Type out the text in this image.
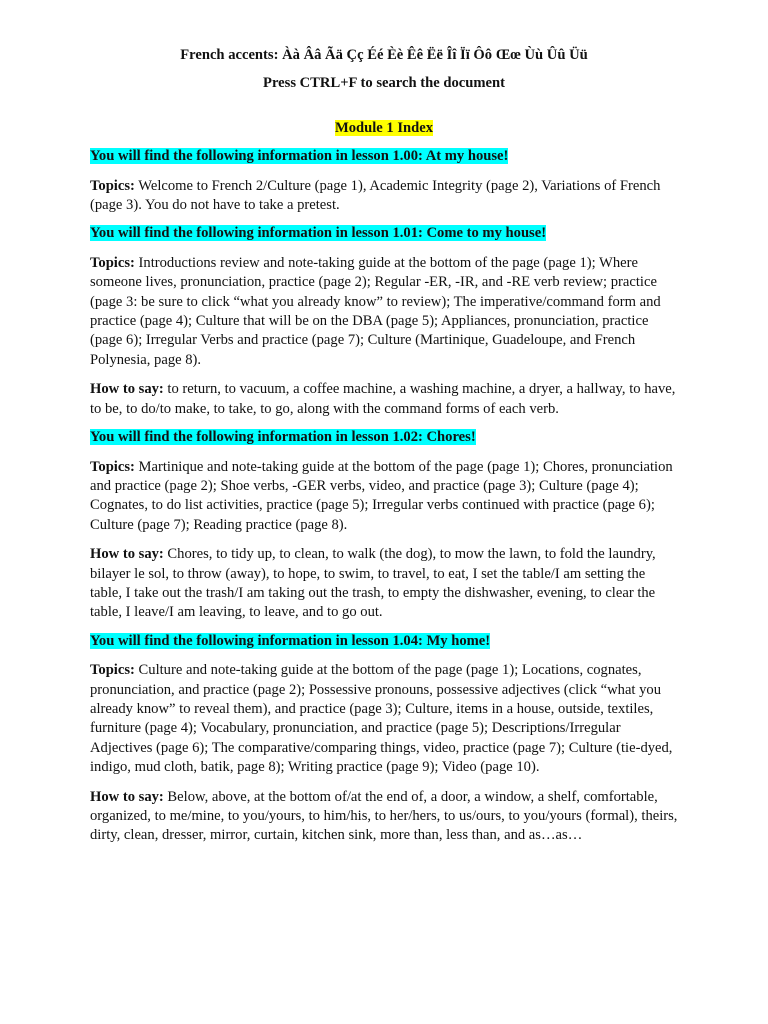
French accents: Àà Ââ Ãä Çç Éé Èè Êê Ëë Îî Ïï Ôô Œœ Ùù Ûû Üü

Press CTRL+F to search the document

Module 1 Index

You will find the following information in lesson 1.00: At my house!

Topics: Welcome to French 2/Culture (page 1), Academic Integrity (page 2), Variations of French (page 3). You do not have to take a pretest.

You will find the following information in lesson 1.01: Come to my house!

Topics: Introductions review and note-taking guide at the bottom of the page (page 1); Where someone lives, pronunciation, practice (page 2); Regular -ER, -IR, and -RE verb review; practice (page 3: be sure to click “what you already know” to review); The imperative/command form and practice (page 4); Culture that will be on the DBA (page 5); Appliances, pronunciation, practice (page 6); Irregular Verbs and practice (page 7); Culture (Martinique, Guadeloupe, and French Polynesia, page 8).

How to say: to return, to vacuum, a coffee machine, a washing machine, a dryer, a hallway, to have, to be, to do/to make, to take, to go, along with the command forms of each verb.

You will find the following information in lesson 1.02: Chores!

Topics: Martinique and note-taking guide at the bottom of the page (page 1); Chores, pronunciation and practice (page 2); Shoe verbs, -GER verbs, video, and practice (page 3); Culture (page 4); Cognates, to do list activities, practice (page 5); Irregular verbs continued with practice (page 6); Culture (page 7); Reading practice (page 8).

How to say: Chores, to tidy up, to clean, to walk (the dog), to mow the lawn, to fold the laundry, bilayer le sol, to throw (away), to hope, to swim, to travel, to eat, I set the table/I am setting the table, I take out the trash/I am taking out the trash, to empty the dishwasher, evening, to clear the table, I leave/I am leaving, to leave, and to go out.

You will find the following information in lesson 1.04: My home!

Topics: Culture and note-taking guide at the bottom of the page (page 1); Locations, cognates, pronunciation, and practice (page 2); Possessive pronouns, possessive adjectives (click “what you already know” to reveal them), and practice (page 3); Culture, items in a house, outside, textiles, furniture (page 4); Vocabulary, pronunciation, and practice (page 5); Descriptions/Irregular Adjectives (page 6); The comparative/comparing things, video, practice (page 7); Culture (tie-dyed, indigo, mud cloth, batik, page 8); Writing practice (page 9); Video (page 10).

How to say: Below, above, at the bottom of/at the end of, a door, a window, a shelf, comfortable, organized, to me/mine, to you/yours, to him/his, to her/hers, to us/ours, to you/yours (formal), theirs, dirty, clean, dresser, mirror, curtain, kitchen sink, more than, less than, and as…as…
